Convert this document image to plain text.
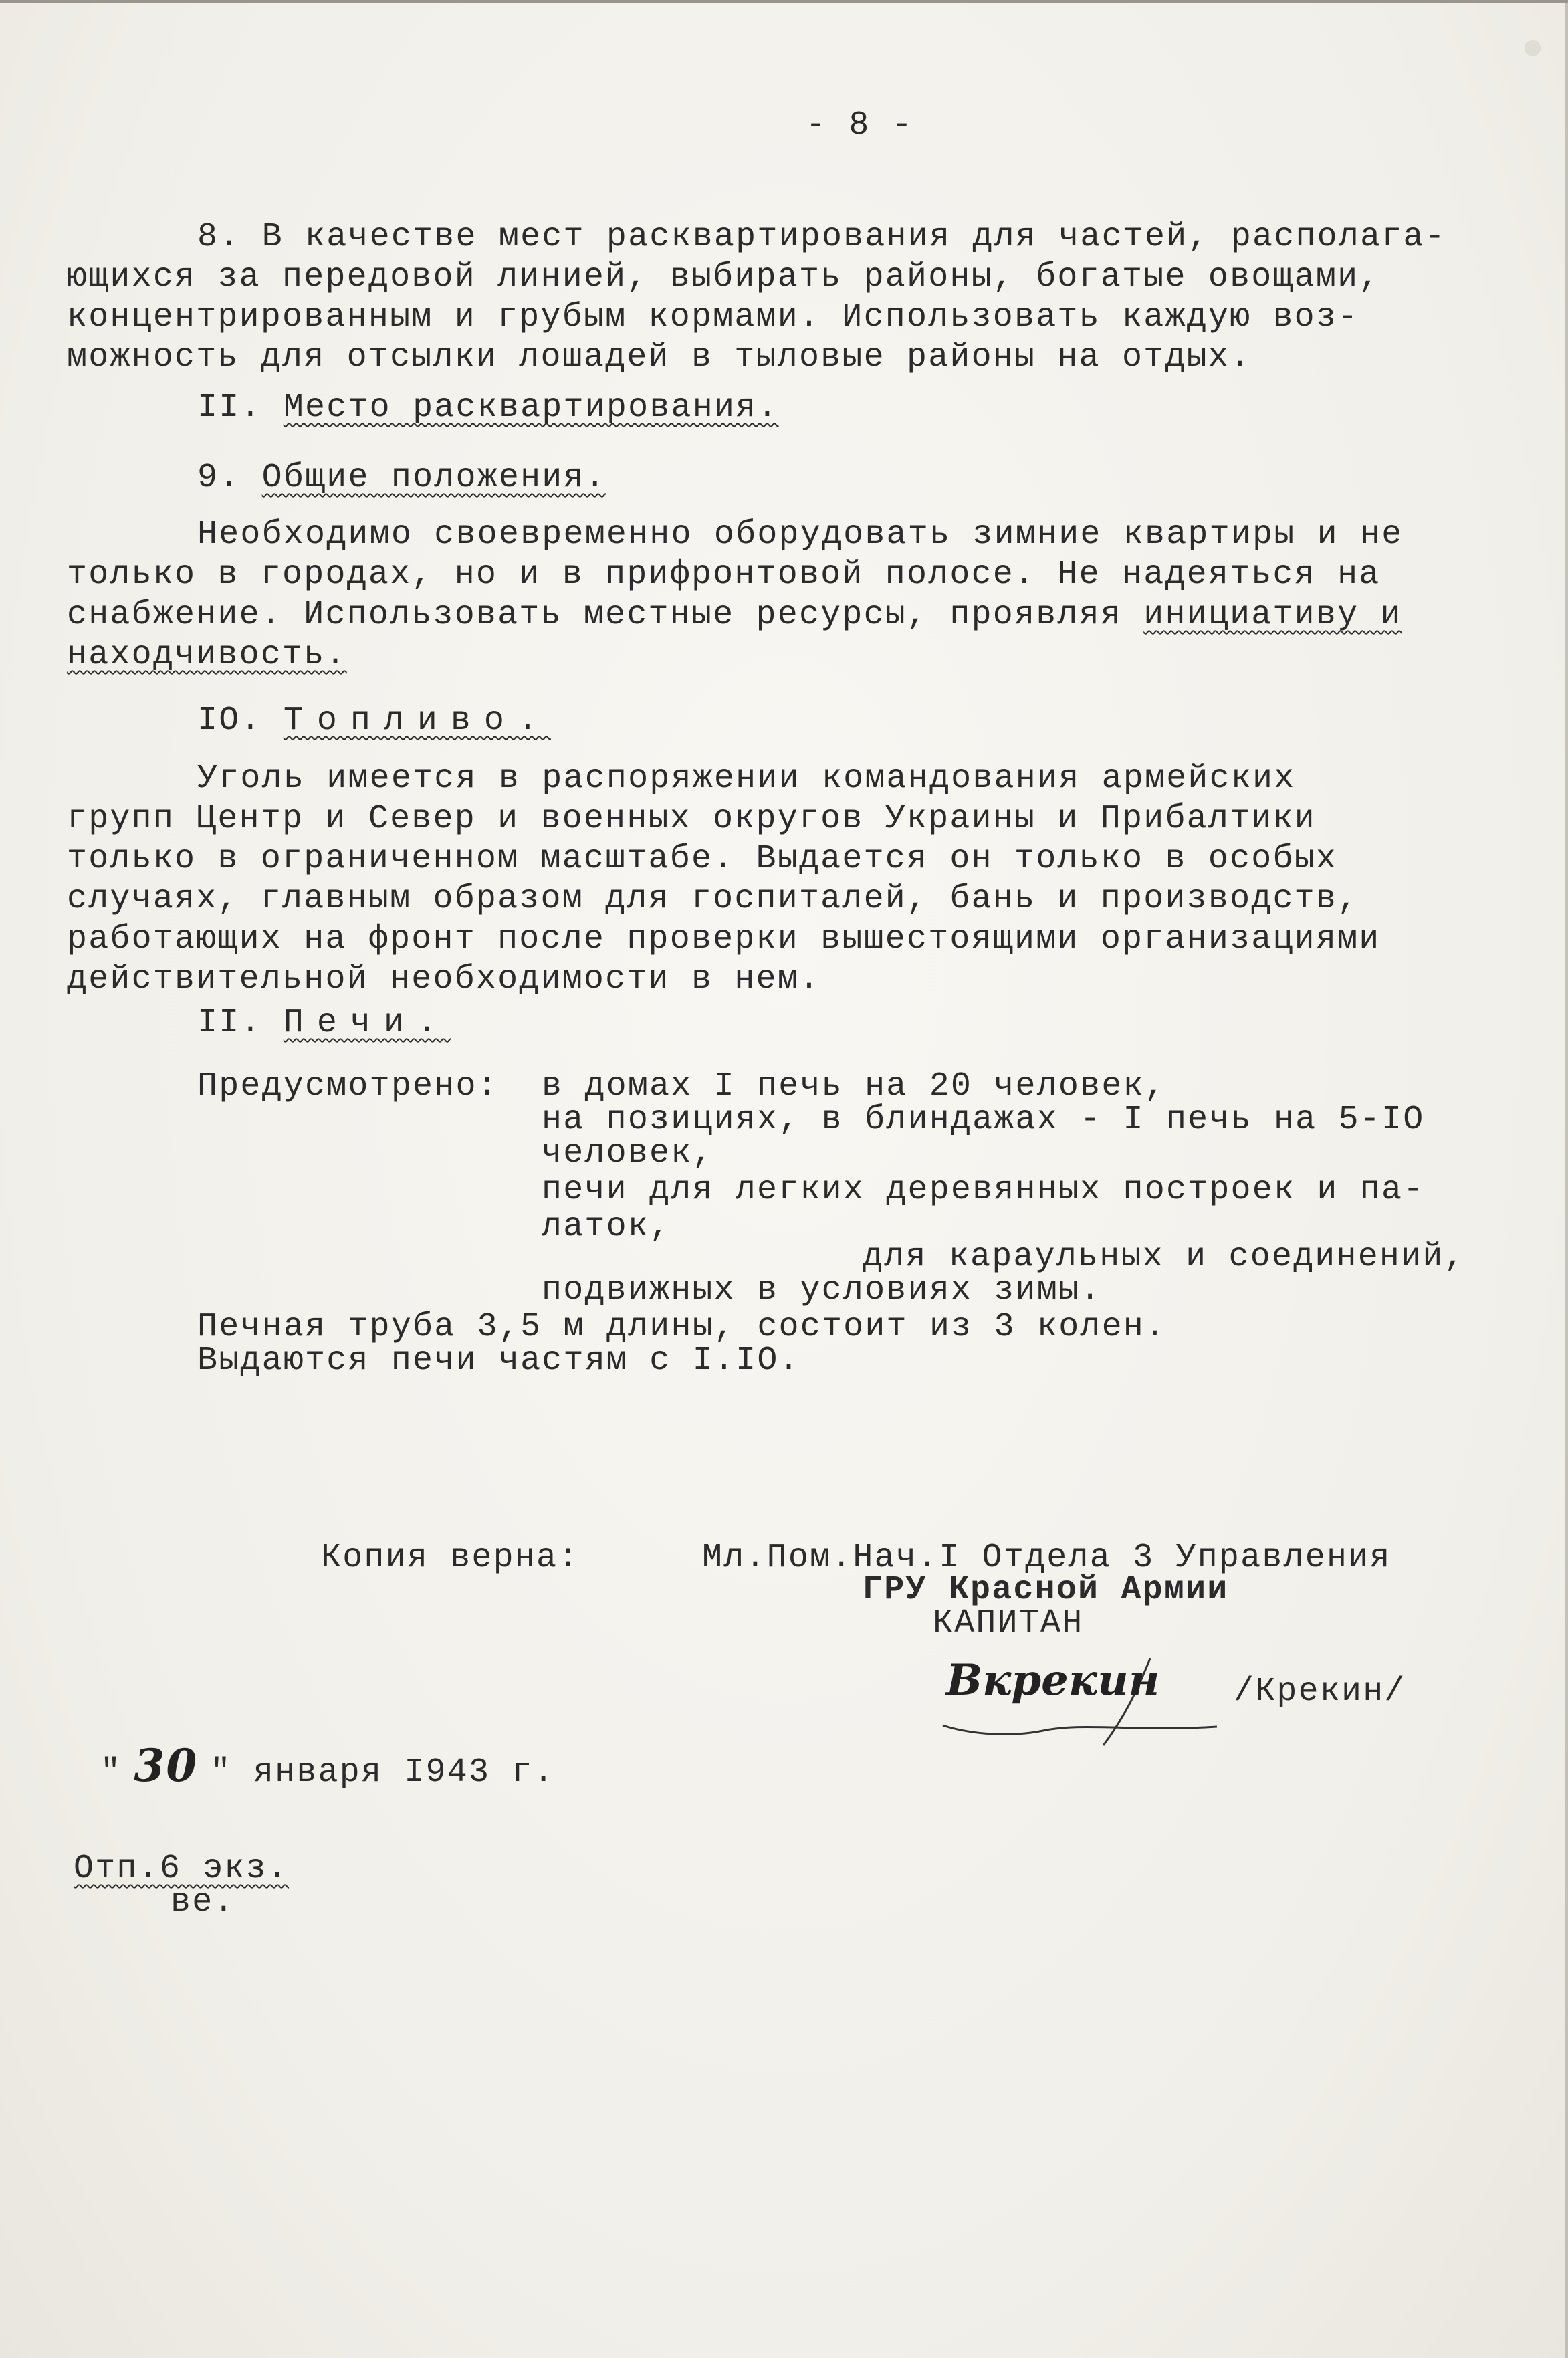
- 8 -
8. В качестве мест расквартирования для частей, располага-
ющихся за передовой линией, выбирать районы, богатые овощами,
концентрированным и грубым кормами. Использовать каждую воз-
можность для отсылки лошадей в тыловые районы на отдых.
II. Место расквартирования.
9. Общие положения.
Необходимо своевременно оборудовать зимние квартиры и не
только в городах, но и в прифронтовой полосе. Не надеяться на
снабжение. Использовать местные ресурсы, проявляя инициативу и
находчивость.
IO. Топливо.
Уголь имеется в распоряжении командования армейских
групп Центр и Север и военных округов Украины и Прибалтики
только в ограниченном масштабе. Выдается он только в особых
случаях, главным образом для госпиталей, бань и производств,
работающих на фронт после проверки вышестоящими организациями
действительной необходимости в нем.
II. Печи.
Предусмотрено: в домах I печь на 20 человек,
на позициях, в блиндажах - I печь на 5-IO
человек,
печи для легких деревянных построек и па-
латок,
для караульных и соединений,
подвижных в условиях зимы.
Печная труба 3,5 м длины, состоит из 3 колен.
Выдаются печи частям с I.IO.
Копия верна:	Мл.Пом.Нач.I Отдела 3 Управления
ГРУ Красной Армии
КАПИТАН
Вкрекин /Крекин/
" 30 " января I943 г.
Отп.6 экз.
ве.
